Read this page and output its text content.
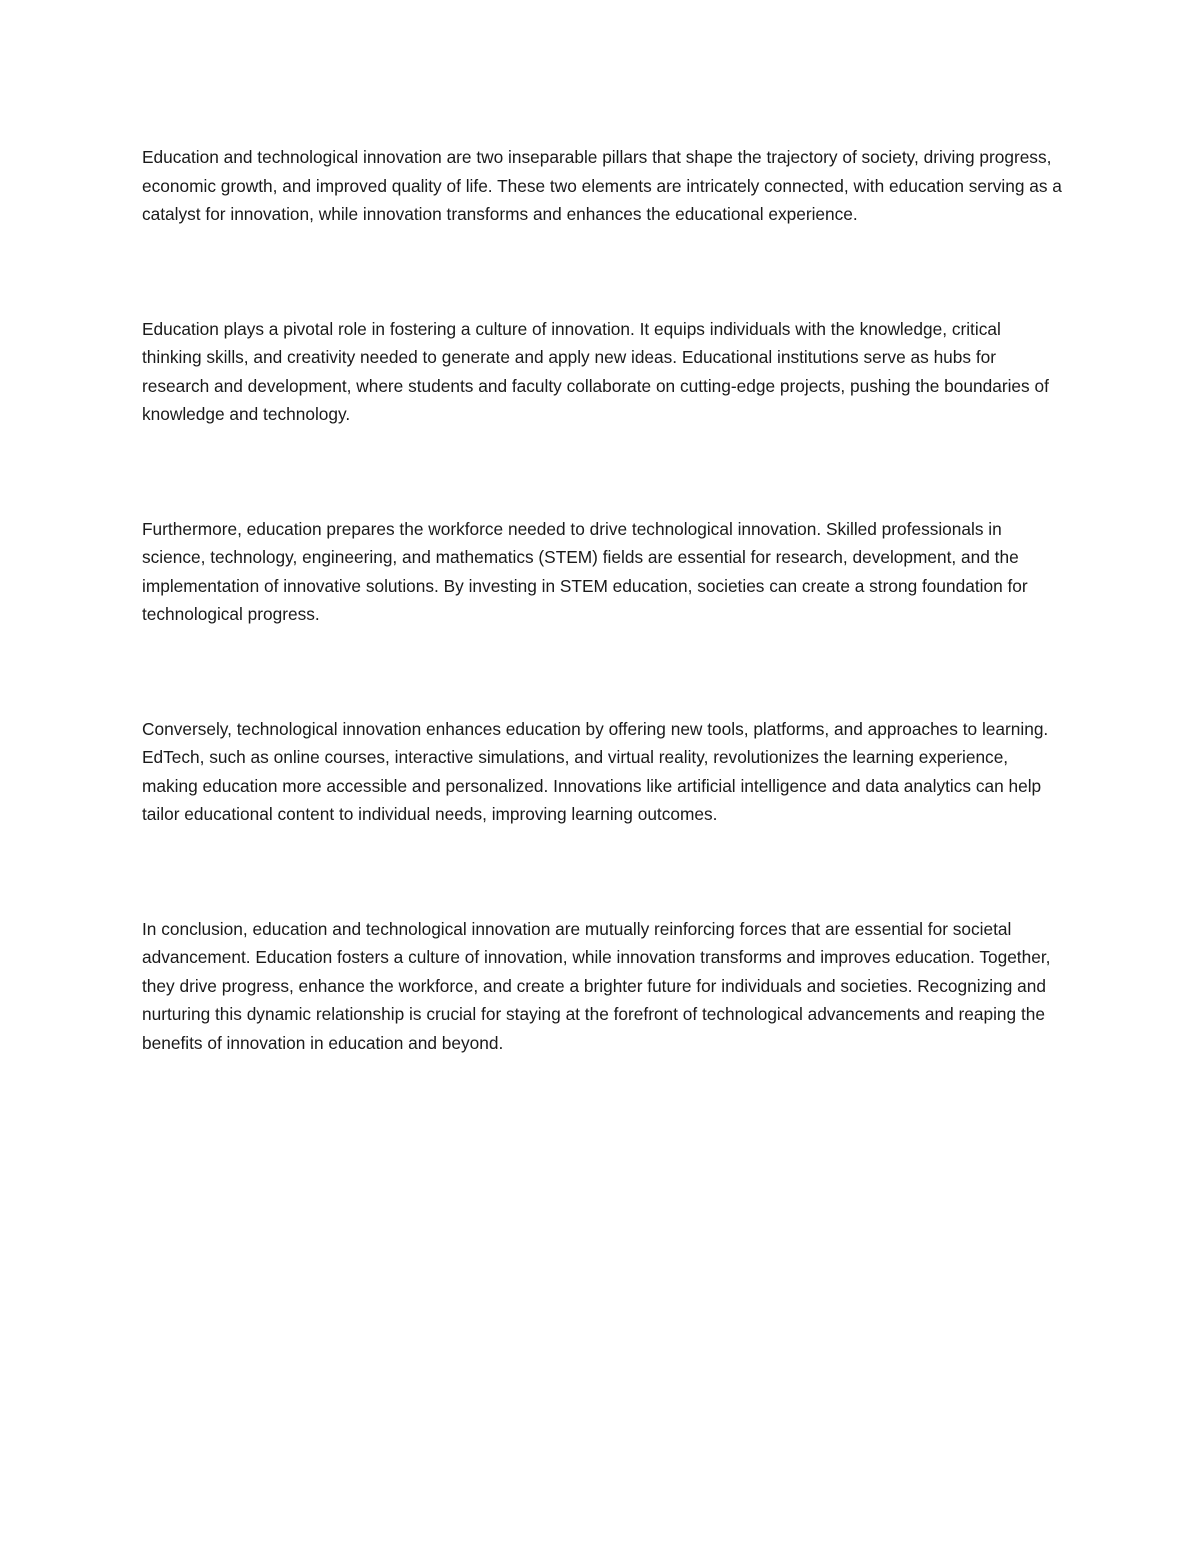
Education and technological innovation are two inseparable pillars that shape the trajectory of society, driving progress, economic growth, and improved quality of life. These two elements are intricately connected, with education serving as a catalyst for innovation, while innovation transforms and enhances the educational experience.

Education plays a pivotal role in fostering a culture of innovation. It equips individuals with the knowledge, critical thinking skills, and creativity needed to generate and apply new ideas. Educational institutions serve as hubs for research and development, where students and faculty collaborate on cutting-edge projects, pushing the boundaries of knowledge and technology.

Furthermore, education prepares the workforce needed to drive technological innovation. Skilled professionals in science, technology, engineering, and mathematics (STEM) fields are essential for research, development, and the implementation of innovative solutions. By investing in STEM education, societies can create a strong foundation for technological progress.

Conversely, technological innovation enhances education by offering new tools, platforms, and approaches to learning. EdTech, such as online courses, interactive simulations, and virtual reality, revolutionizes the learning experience, making education more accessible and personalized. Innovations like artificial intelligence and data analytics can help tailor educational content to individual needs, improving learning outcomes.

In conclusion, education and technological innovation are mutually reinforcing forces that are essential for societal advancement. Education fosters a culture of innovation, while innovation transforms and improves education. Together, they drive progress, enhance the workforce, and create a brighter future for individuals and societies. Recognizing and nurturing this dynamic relationship is crucial for staying at the forefront of technological advancements and reaping the benefits of innovation in education and beyond.
